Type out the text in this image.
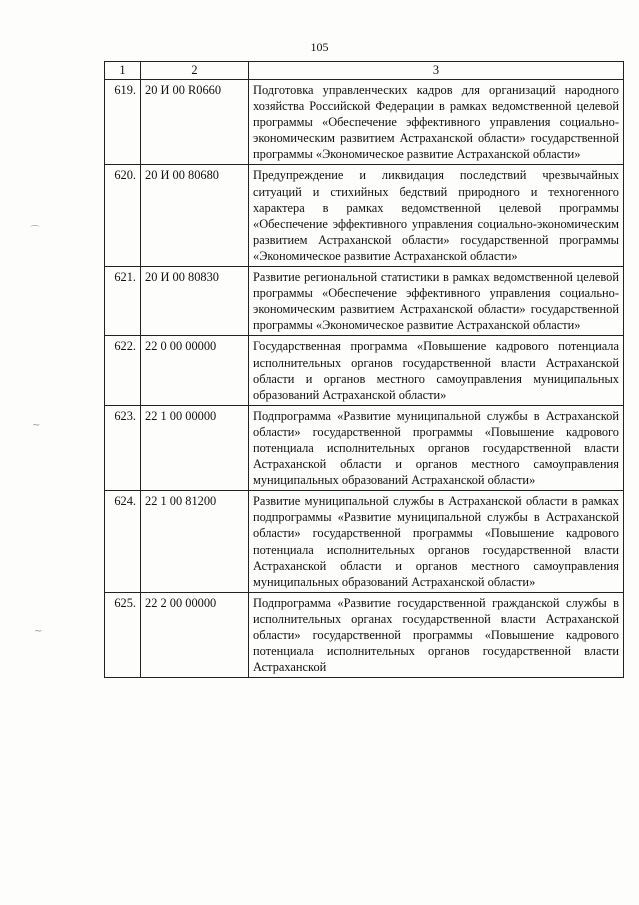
105
⌒
∼
∼
1	2	3
619.	20 И 00 R0660	Подготовка управленческих кадров для организаций народного хозяйства Российской Федерации в рамках ведомственной целевой программы «Обеспечение эффективного управления социально-экономическим развитием Астраханской области» государственной программы «Экономическое развитие Астраханской области»
620.	20 И 00 80680	Предупреждение и ликвидация последствий чрезвычайных ситуаций и стихийных бедствий природного и техногенного характера в рамках ведомственной целевой программы «Обеспечение эффективного управления социально-экономическим развитием Астраханской области» государственной программы «Экономическое развитие Астраханской области»
621.	20 И 00 80830	Развитие региональной статистики в рамках ведомственной целевой программы «Обеспечение эффективного управления социально-экономическим развитием Астраханской области» государственной программы «Экономическое развитие Астраханской области»
622.	22 0 00 00000	Государственная программа «Повышение кадрового потенциала исполнительных органов государственной власти Астраханской области и органов местного самоуправления муниципальных образований Астраханской области»
623.	22 1 00 00000	Подпрограмма «Развитие муниципальной службы в Астраханской области» государственной программы «Повышение кадрового потенциала исполнительных органов государственной власти Астраханской области и органов местного самоуправления муниципальных образований Астраханской области»
624.	22 1 00 81200	Развитие муниципальной службы в Астраханской области в рамках подпрограммы «Развитие муниципальной службы в Астраханской области» государственной программы «Повышение кадрового потенциала исполнительных органов государственной власти Астраханской области и органов местного самоуправления муниципальных образований Астраханской области»
625.	22 2 00 00000	Подпрограмма «Развитие государственной гражданской службы в исполнительных органах государственной власти Астраханской области» государственной программы «Повышение кадрового потенциала исполнительных органов государственной власти Астраханской
